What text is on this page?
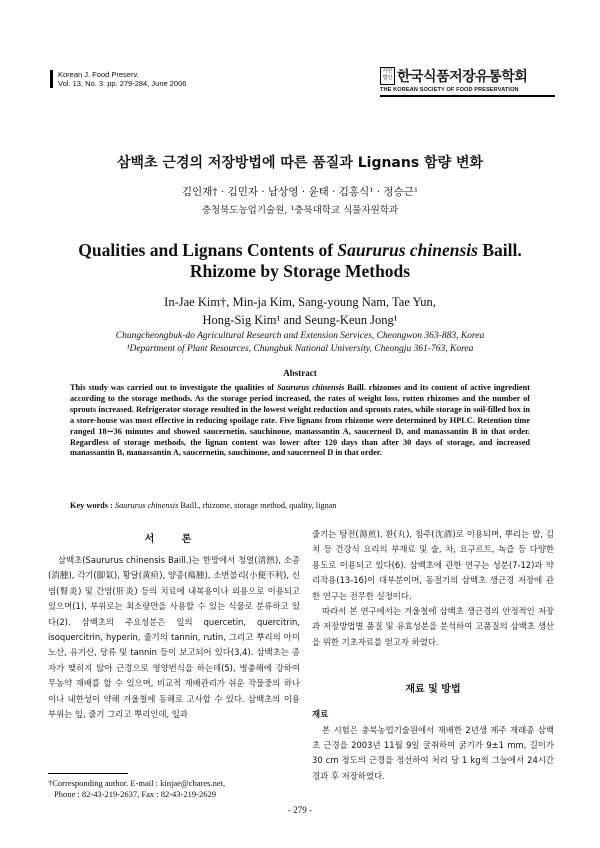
Korean J. Food Preserv.
Vol. 13, No. 3. pp. 279-284, June 2006
사단법인 한국식품저장유통학회
THE KOREAN SOCIETY OF FOOD PRESERVATION
삼백초 근경의 저장방법에 따른 품질과 Lignans 함량 변화
김인재† · 김민자 · 남상영 · 윤태 · 김홍식¹ · 정승근¹
충청북도농업기술원, ¹충북대학교 식물자원학과
Qualities and Lignans Contents of Saururus chinensis Baill.
Rhizome by Storage Methods
In-Jae Kim†, Min-ja Kim, Sang-young Nam, Tae Yun,
Hong-Sig Kim¹ and Seung-Keun Jong¹
Chungcheongbuk-do Agricultural Research and Extension Services, Cheongwon 363-883, Korea
¹Department of Plant Resources, Chungbuk National University, Cheongju 361-763, Korea
Abstract
This study was carried out to investigate the qualities of Saururus chinensis Baill. rhizomes and its content of active ingredient according to the storage methods. As the storage period increased, the rates of weight loss, rotten rhizomes and the number of sprouts increased. Refrigerator storage resulted in the lowest weight reduction and sprouts rates, while storage in soil-filled box in a store-house was most effective in reducing spoilage rate. Five lignans from rhizome were determined by HPLC. Retention time ranged 18∼36 minutes and showed saucernetin, sauchinone, manassantin A, saucerneol D, and manassantin B in that order. Regardless of storage methods, the lignan content was lower after 120 days than after 30 days of storage, and increased manassantin B, manassantin A, saucernetin, sauchinone, and saucerneol D in that order.
Key words : Saururus chinensis Baill., rhizome, storage method, quality, lignan
서 론

삼백초(Saururus chinensis Baill.)는 한방에서 청열(淸熱), 소종(消腫), 각기(脚氣), 황달(黃疸), 양종(瘍腫), 소변불리(小便不利), 신염(腎炎) 및 간염(肝炎) 등의 치료에 내복용이나 외용으로 이용되고 있으며(1), 부위로는 최소량만을 사용할 수 있는 식물로 분류하고 있다(2). 삼백초의 주요성분은 잎의 quercetin, quercitrin, isoquercitrin, hyperin, 줄기의 tannin, rutin, 그리고 뿌리의 아미노산, 유기산, 당류 및 tannin 등이 보고되어 있다(3,4). 삼백초는 종자가 맺히지 않아 근경으로 영양번식을 하는데(5), 병충해에 강하여 무농약 재배를 할 수 있으며, 비교적 재배관리가 쉬운 작물중의 하나이나 내한성이 약해 겨울철에 동해로 고사할 수 있다. 삼백초의 이용부위는 잎, 줄기 그리고 뿌리인데, 잎과

줄기는 탕전(湯煎), 환(丸), 침주(沈酒)로 이용되며, 뿌리는 밥, 김치 등 건강식 요리의 부재료 및 술, 차, 요구르트, 녹즙 등 다양한 용도로 이용되고 있다(6). 삼백초에 관한 연구는 성분(7-12)과 약리작용(13-16)이 대부분이며, 동절기의 삼백초 생근경 저장에 관한 연구는 전무한 실정이다.

따라서 본 연구에서는 겨울철에 삼백초 생근경의 안정적인 저장과 저장방법별 품질 및 유효성분을 분석하여 고품질의 삼백초 생산을 위한 기초자료를 얻고자 하였다.

재료 및 방법
재료

본 시험은 충북농업기술원에서 재배한 2년생 제주 재래종 삼백초 근경을 2003년 11월 9일 굴취하여 굵기가 9±1 mm, 길이가 30 cm 정도의 근경을 정선하여 처리 당 1 kg씩 그늘에서 24시간 경과 후 저장하였다.

†Corresponding author. E-mail : kinjae@cbares.net,
Phone : 82-43-219-2637, Fax : 82-43-219-2629
- 279 -
